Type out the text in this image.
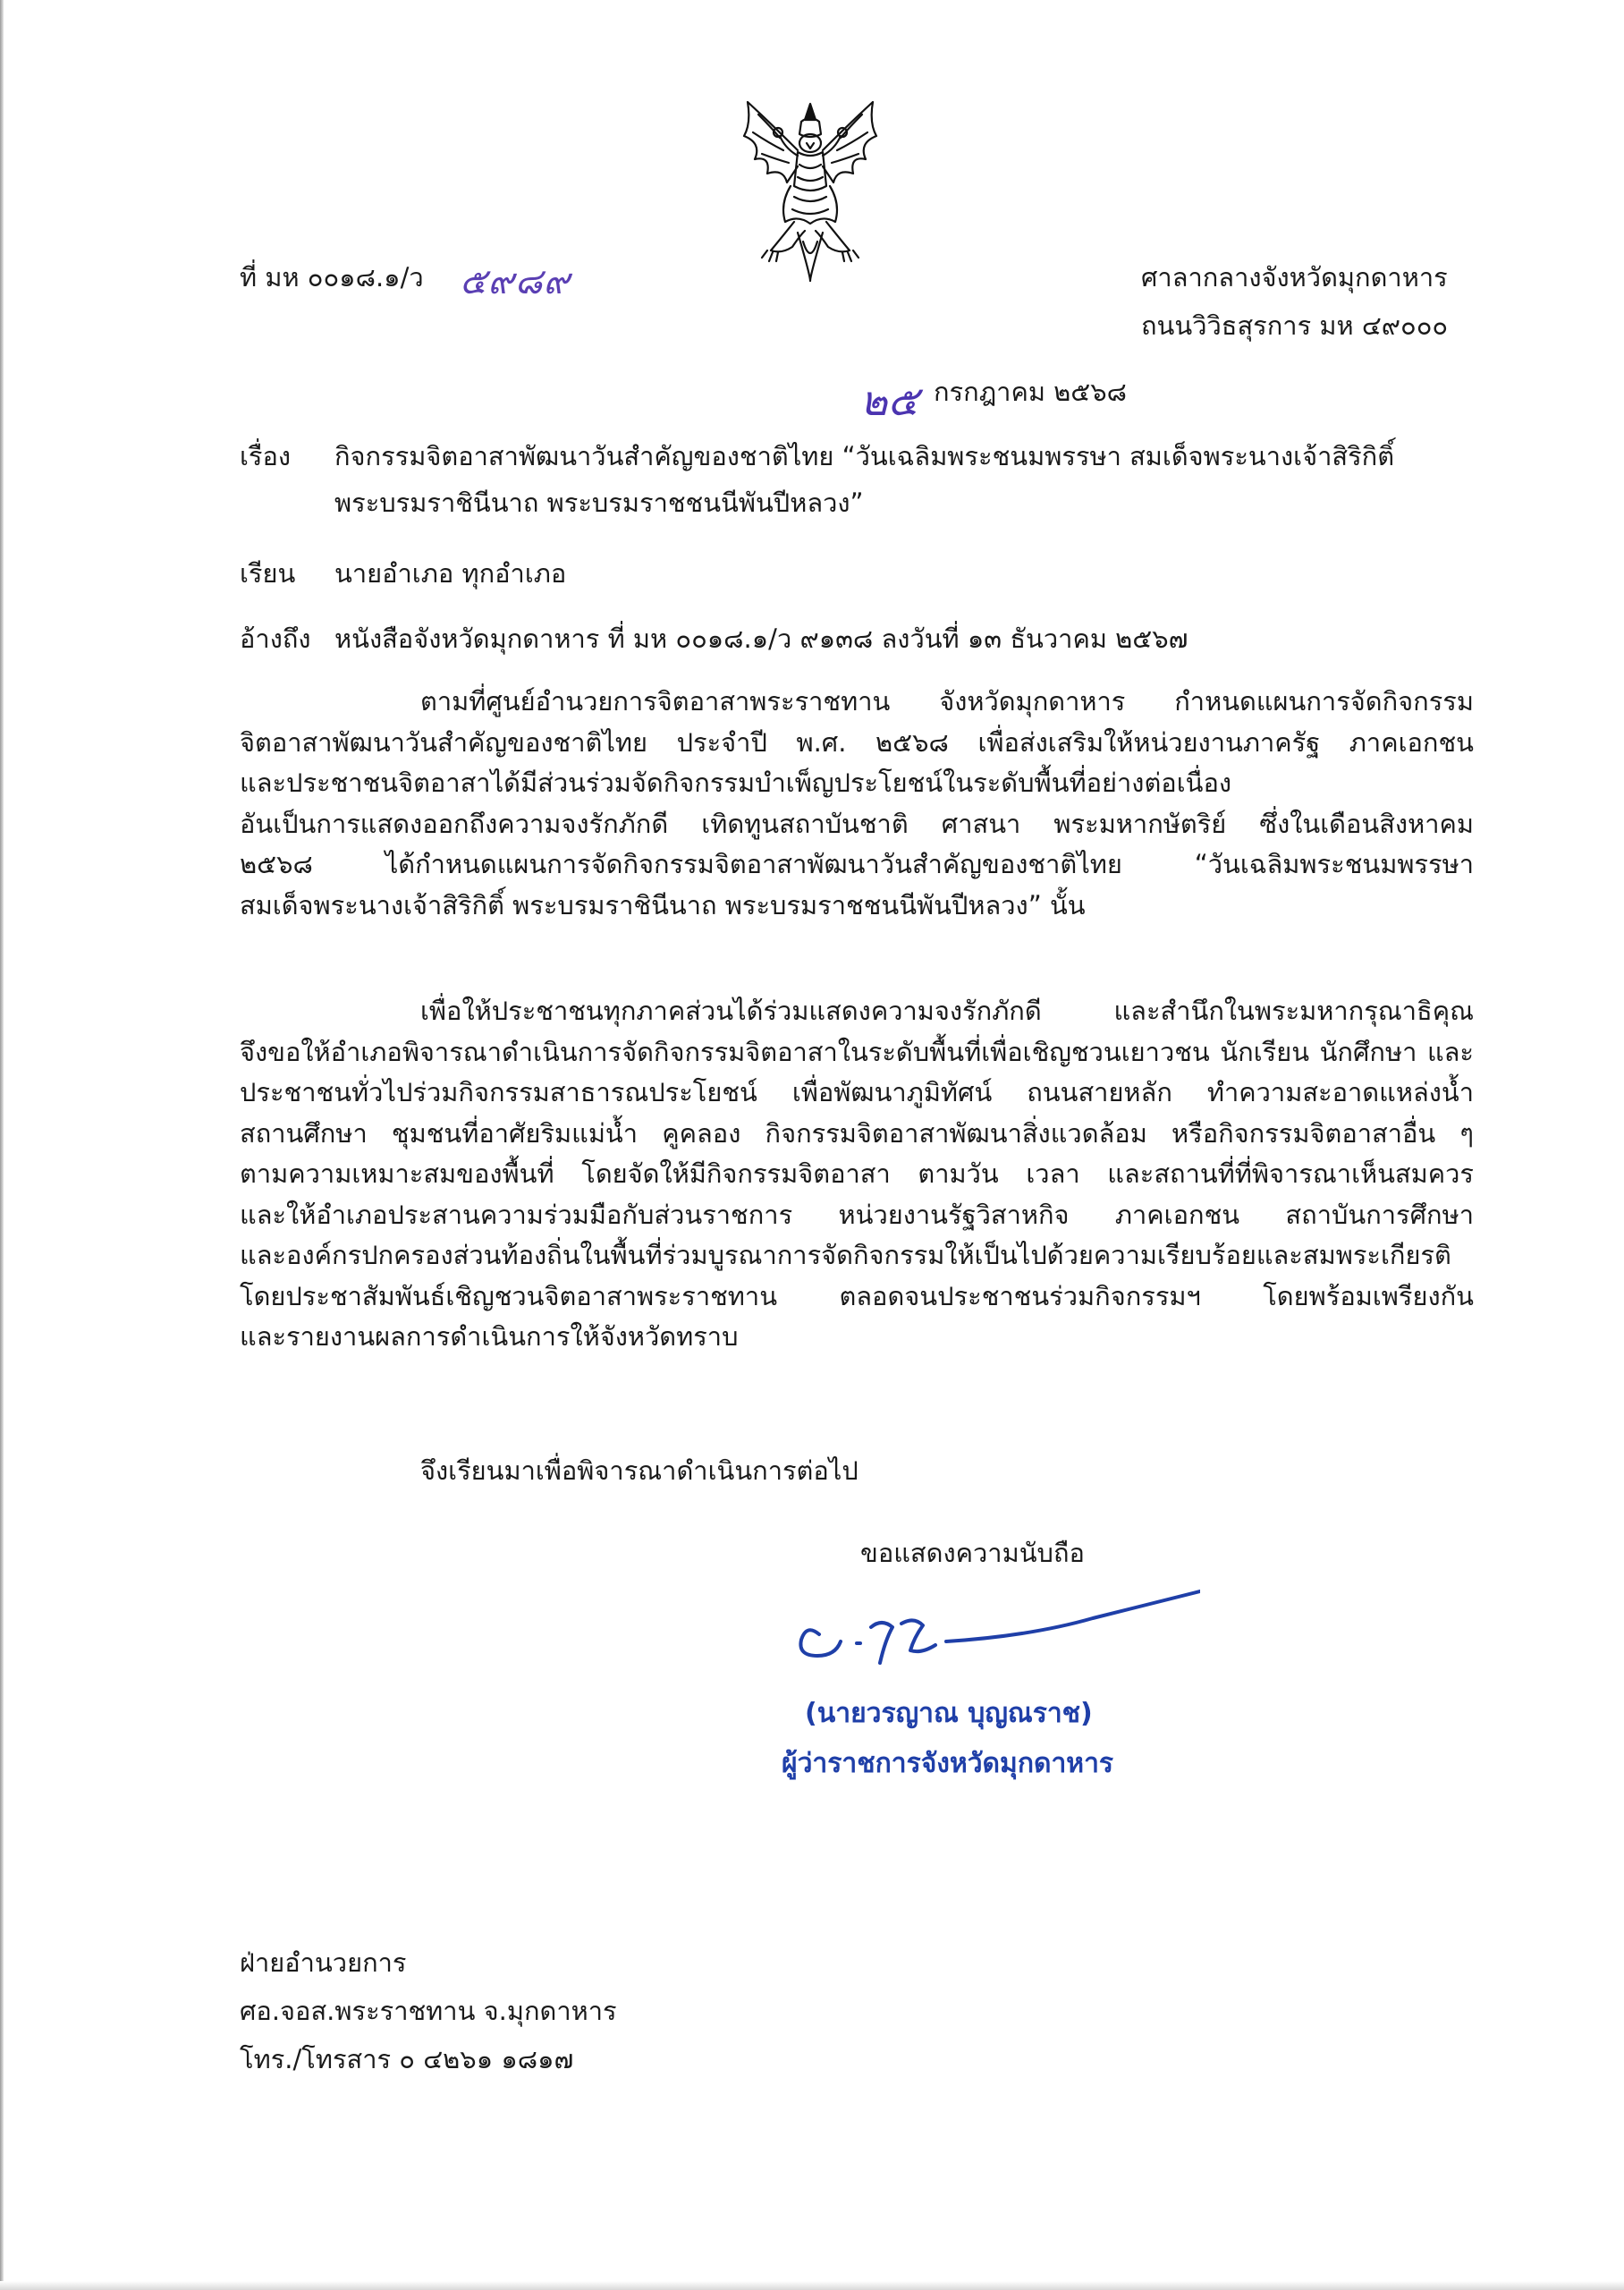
ที่ มห ๐๐๑๘.๑/ว ๕๙๘๙	ศาลากลางจังหวัดมุกดาหาร
ถนนวิวิธสุรการ มห ๔๙๐๐๐
๒๕ กรกฎาคม ๒๕๖๘
เรื่อง กิจกรรมจิตอาสาพัฒนาวันสำคัญของชาติไทย “วันเฉลิมพระชนมพรรษา สมเด็จพระนางเจ้าสิริกิติ์
พระบรมราชินีนาถ พระบรมราชชนนีพันปีหลวง”
เรียน นายอำเภอ ทุกอำเภอ
อ้างถึง หนังสือจังหวัดมุกดาหาร ที่ มห ๐๐๑๘.๑/ว ๙๑๓๘ ลงวันที่ ๑๓ ธันวาคม ๒๕๖๗
ตามที่ศูนย์อำนวยการจิตอาสาพระราชทาน จังหวัดมุกดาหาร กำหนดแผนการจัดกิจกรรม
จิตอาสาพัฒนาวันสำคัญของชาติไทย ประจำปี พ.ศ. ๒๕๖๘ เพื่อส่งเสริมให้หน่วยงานภาครัฐ ภาคเอกชน
และประชาชนจิตอาสาได้มีส่วนร่วมจัดกิจกรรมบำเพ็ญประโยชน์ในระดับพื้นที่อย่างต่อเนื่อง
อันเป็นการแสดงออกถึงความจงรักภักดี เทิดทูนสถาบันชาติ ศาสนา พระมหากษัตริย์ ซึ่งในเดือนสิงหาคม
๒๕๖๘ ได้กำหนดแผนการจัดกิจกรรมจิตอาสาพัฒนาวันสำคัญของชาติไทย “วันเฉลิมพระชนมพรรษา
สมเด็จพระนางเจ้าสิริกิติ์ พระบรมราชินีนาถ พระบรมราชชนนีพันปีหลวง” นั้น
เพื่อให้ประชาชนทุกภาคส่วนได้ร่วมแสดงความจงรักภักดี และสำนึกในพระมหากรุณาธิคุณ
จึงขอให้อำเภอพิจารณาดำเนินการจัดกิจกรรมจิตอาสาในระดับพื้นที่เพื่อเชิญชวนเยาวชน นักเรียน นักศึกษา และ
ประชาชนทั่วไปร่วมกิจกรรมสาธารณประโยชน์ เพื่อพัฒนาภูมิทัศน์ ถนนสายหลัก ทำความสะอาดแหล่งน้ำ
สถานศึกษา ชุมชนที่อาศัยริมแม่น้ำ คูคลอง กิจกรรมจิตอาสาพัฒนาสิ่งแวดล้อม หรือกิจกรรมจิตอาสาอื่น ๆ
ตามความเหมาะสมของพื้นที่ โดยจัดให้มีกิจกรรมจิตอาสา ตามวัน เวลา และสถานที่ที่พิจารณาเห็นสมควร
และให้อำเภอประสานความร่วมมือกับส่วนราชการ หน่วยงานรัฐวิสาหกิจ ภาคเอกชน สถาบันการศึกษา
และองค์กรปกครองส่วนท้องถิ่นในพื้นที่ร่วมบูรณาการจัดกิจกรรมให้เป็นไปด้วยความเรียบร้อยและสมพระเกียรติ
โดยประชาสัมพันธ์เชิญชวนจิตอาสาพระราชทาน ตลอดจนประชาชนร่วมกิจกรรมฯ โดยพร้อมเพรียงกัน
และรายงานผลการดำเนินการให้จังหวัดทราบ
จึงเรียนมาเพื่อพิจารณาดำเนินการต่อไป
ขอแสดงความนับถือ
(นายวรญาณ บุญณราช)
ผู้ว่าราชการจังหวัดมุกดาหาร
ฝ่ายอำนวยการ
ศอ.จอส.พระราชทาน จ.มุกดาหาร
โทร./โทรสาร ๐ ๔๒๖๑ ๑๘๑๗
